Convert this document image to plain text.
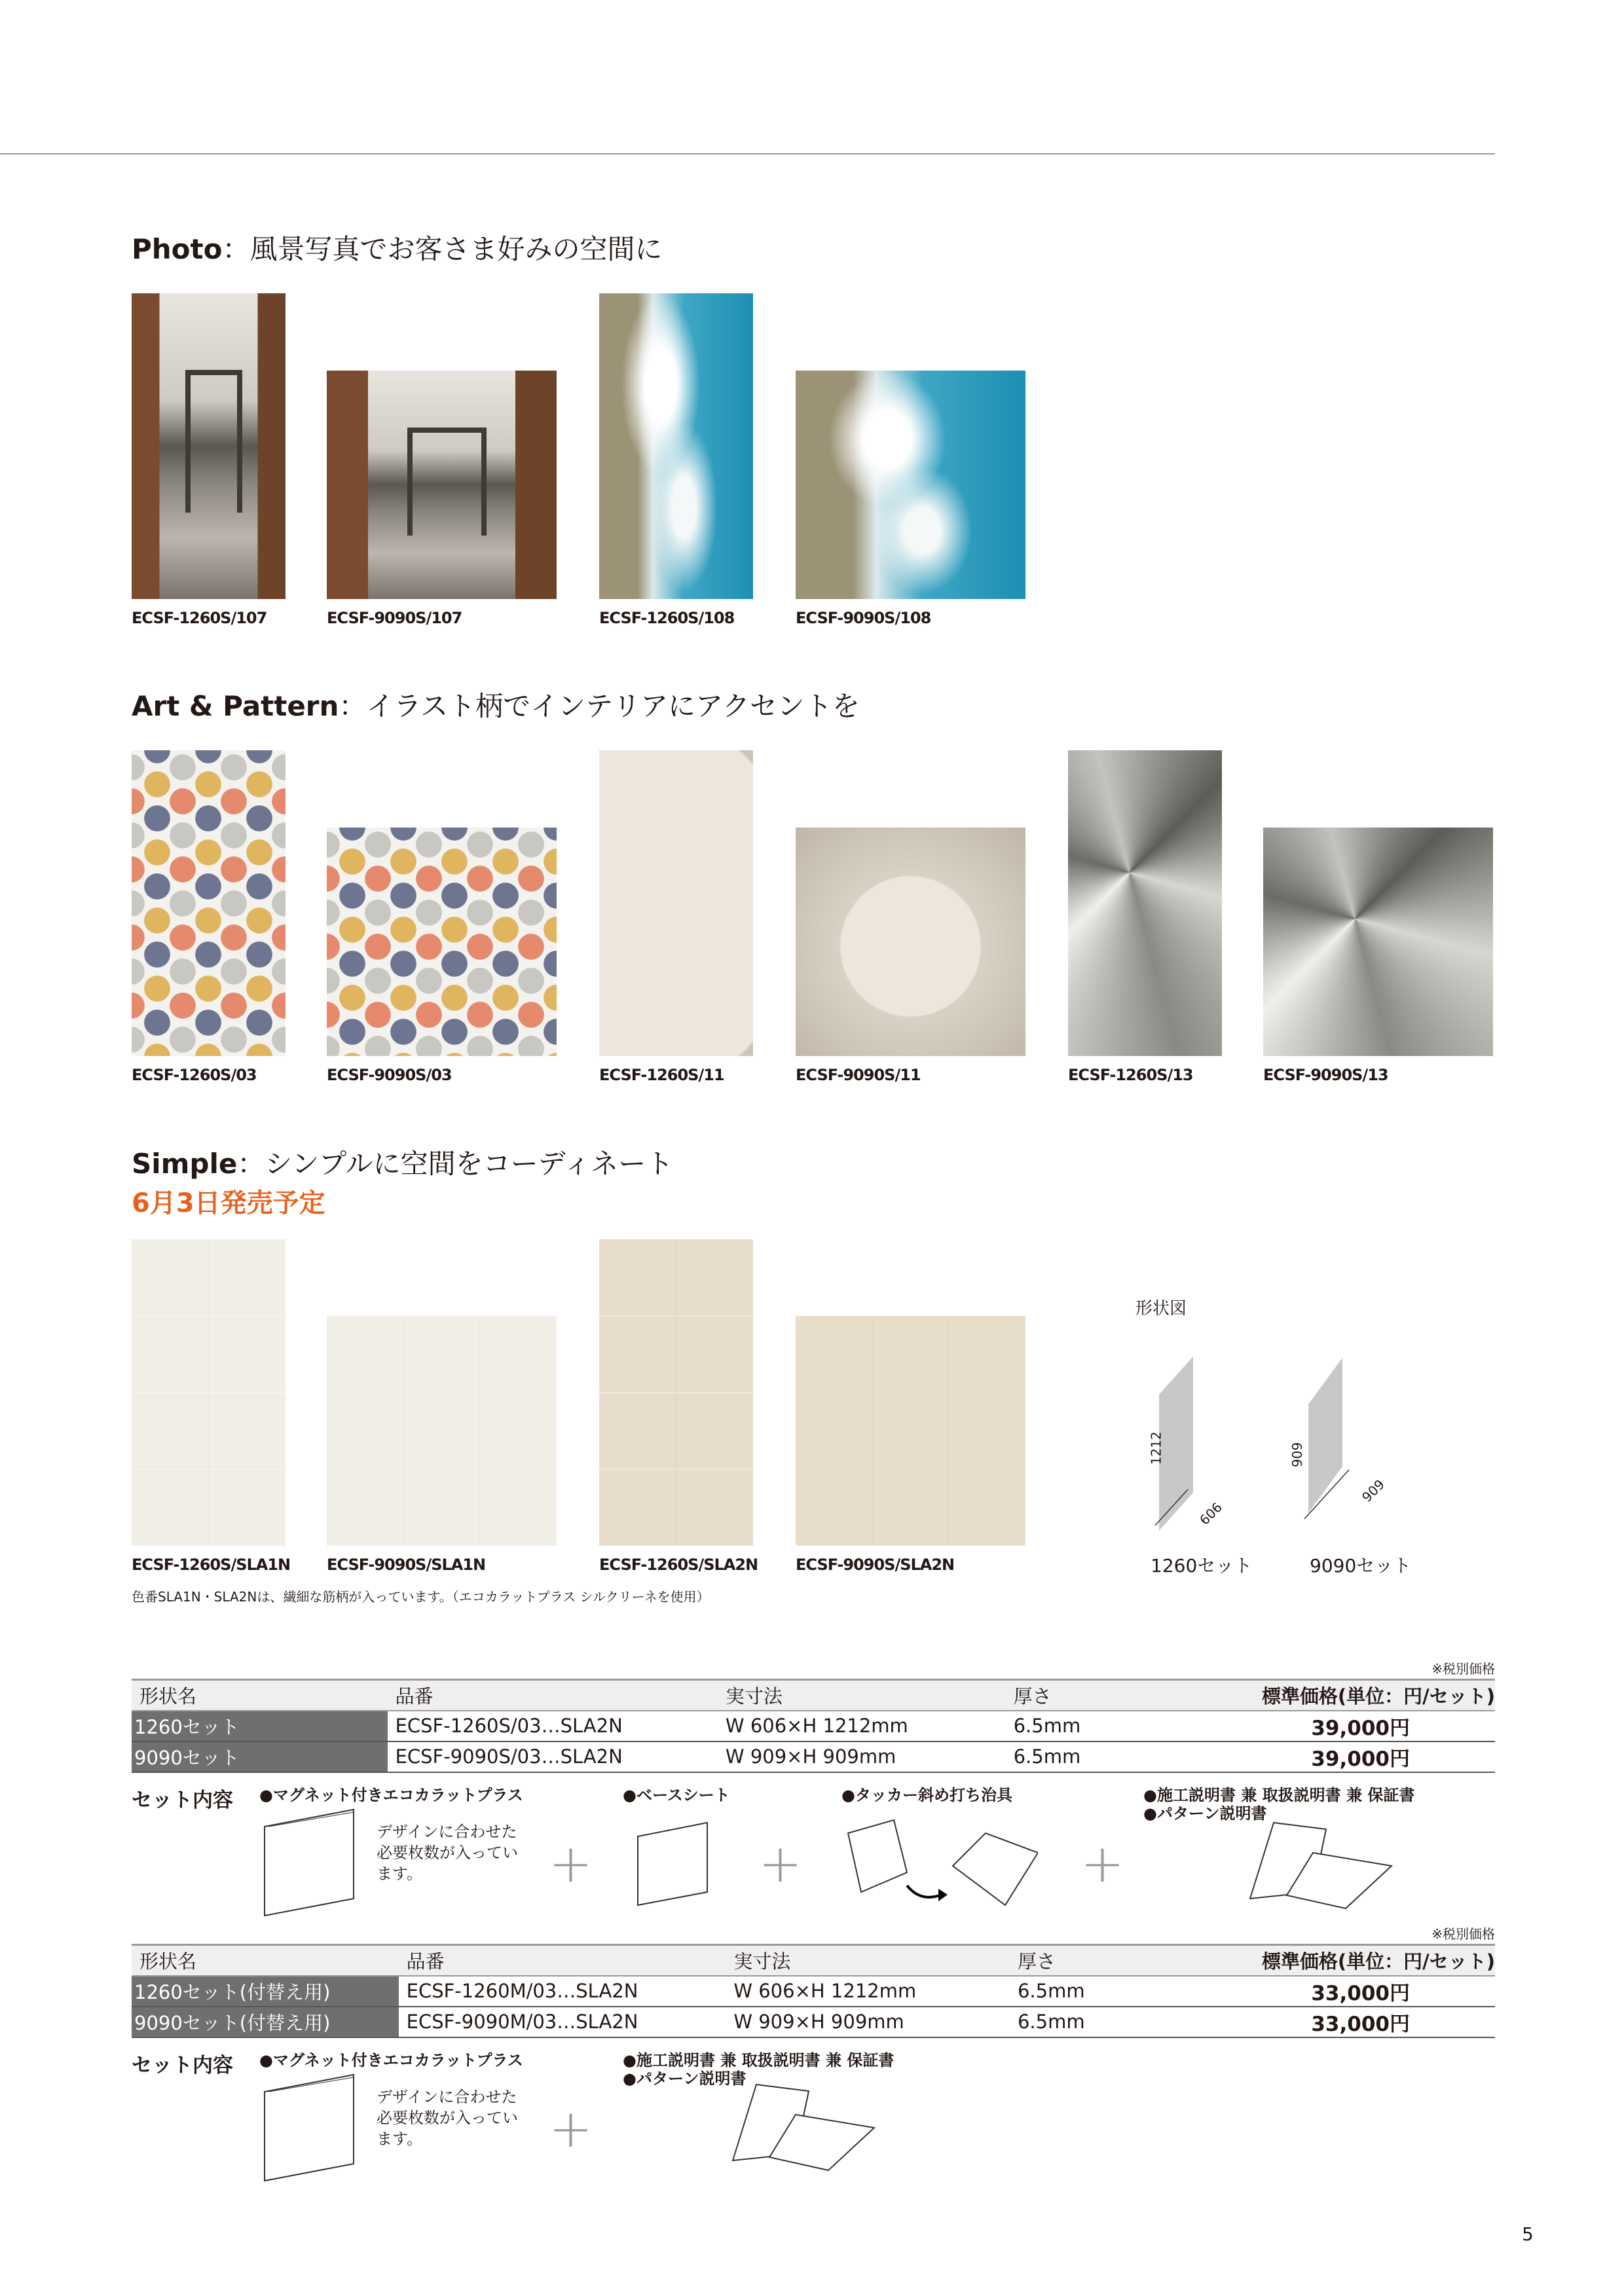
Photo：風景写真でお客さま好みの空間に
ECSF-1260S/107	ECSF-9090S/107	ECSF-1260S/108	ECSF-9090S/108
Art & Pattern：イラスト柄でインテリアにアクセントを
ECSF-1260S/03	ECSF-9090S/03	ECSF-1260S/11	ECSF-9090S/11	ECSF-1260S/13	ECSF-9090S/13
Simple：シンプルに空間をコーディネート
6月3日発売予定
ECSF-1260S/SLA1N ECSF-9090S/SLA1N	ECSF-1260S/SLA2N ECSF-9090S/SLA2N
色番SLA1N・SLA2Nは、繊細な筋柄が入っています。（エコカラットプラス シルクリーネを使用）
形状図
1212
606
909
909
1260セット	9090セット
※税別価格
形状名	品番	実寸法	厚さ	標準価格(単位：円/セット)
1260セット	ECSF-1260S/03…SLA2N	W 606×H 1212mm	6.5mm	39,000円
9090セット	ECSF-9090S/03…SLA2N	W 909×H 909mm	6.5mm	39,000円
セット内容 ●マグネット付きエコカラットプラス	●ベースシート	●タッカー斜め打ち治具	●施工説明書 兼 取扱説明書 兼 保証書
●パターン説明書
デザインに合わせた必要枚数が入っています。	+	+	+
※税別価格
形状名	品番	実寸法	厚さ	標準価格(単位：円/セット)
1260セット(付替え用)	ECSF-1260M/03…SLA2N	W 606×H 1212mm	6.5mm	33,000円
9090セット(付替え用)	ECSF-9090M/03…SLA2N	W 909×H 909mm	6.5mm	33,000円
セット内容 ●マグネット付きエコカラットプラス	●施工説明書 兼 取扱説明書 兼 保証書
●パターン説明書
デザインに合わせた必要枚数が入っています。	+
5
